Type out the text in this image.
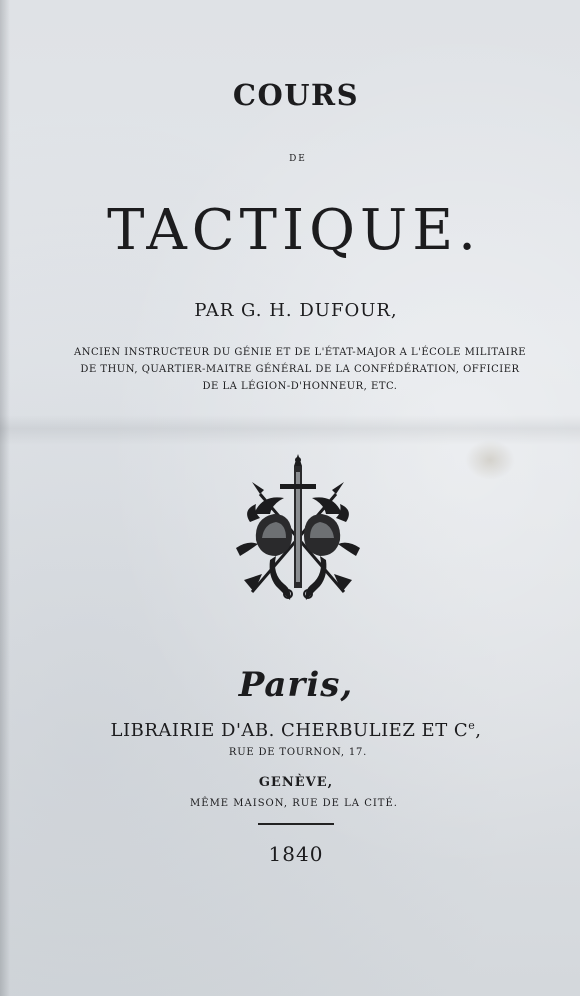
COURS
DE
TACTIQUE.
PAR G. H. DUFOUR,
ANCIEN INSTRUCTEUR DU GÉNIE ET DE L'ÉTAT-MAJOR A L'ÉCOLE MILITAIRE
DE THUN, QUARTIER-MAITRE GÉNÉRAL DE LA CONFÉDÉRATION, OFFICIER
DE LA LÉGION-D'HONNEUR, ETC.
Paris,
LIBRAIRIE D'AB. CHERBULIEZ ET Ce,
RUE DE TOURNON, 17.
GENÈVE,
MÊME MAISON, RUE DE LA CITÉ.
1840
